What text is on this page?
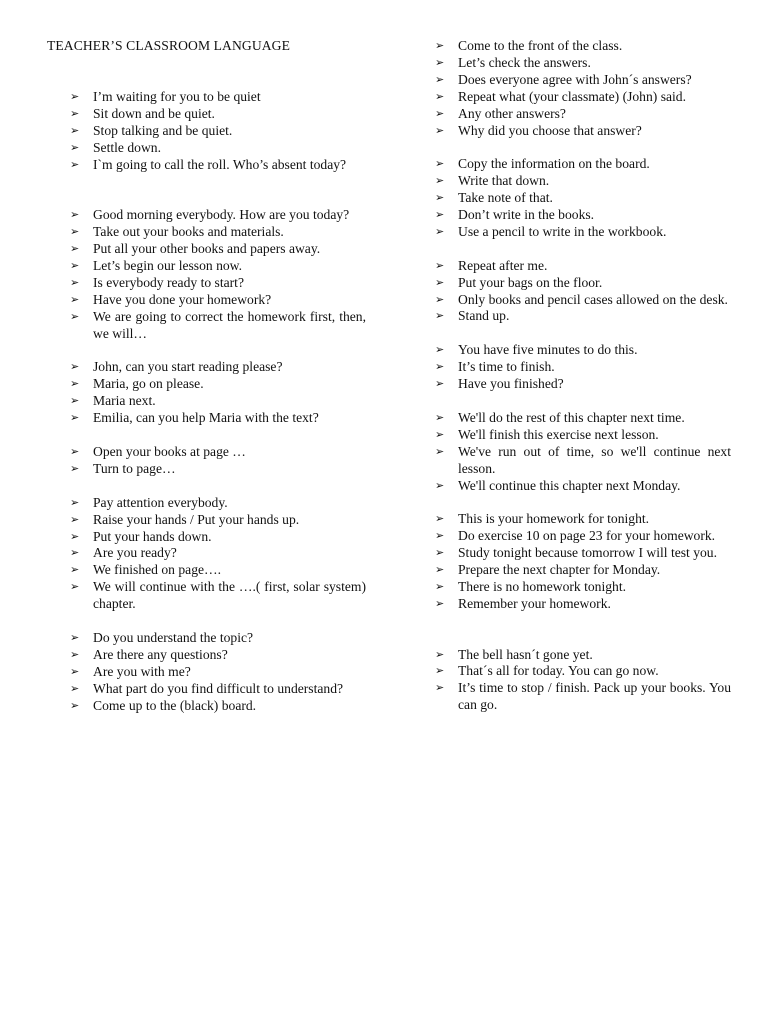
TEACHER’S CLASSROOM LANGUAGE
➢ I’m waiting for you to be quiet
➢ Sit down and be quiet.
➢ Stop talking and be quiet.
➢ Settle down.
➢ I`m going to call the roll. Who’s absent today?
➢ Good morning everybody. How are you today?
➢ Take out your books and materials.
➢ Put all your other books and papers away.
➢ Let’s begin our lesson now.
➢ Is everybody ready to start?
➢ Have you done your homework?
➢ We are going to correct the homework first, then, we will…
➢ John, can you start reading please?
➢ Maria, go on please.
➢ Maria next.
➢ Emilia, can you help Maria with the text?
➢ Open your books at page …
➢ Turn to page…
➢ Pay attention everybody.
➢ Raise your hands / Put your hands up.
➢ Put your hands down.
➢ Are you ready?
➢ We finished on page….
➢ We will continue with the ….( first, solar system) chapter.
➢ Do you understand the topic?
➢ Are there any questions?
➢ Are you with me?
➢ What part do you find difficult to understand?
➢ Come up to the (black) board.
➢ Come to the front of the class.
➢ Let’s check the answers.
➢ Does everyone agree with John´s answers?
➢ Repeat what (your classmate) (John) said.
➢ Any other answers?
➢ Why did you choose that answer?
➢ Copy the information on the board.
➢ Write that down.
➢ Take note of that.
➢ Don’t write in the books.
➢ Use a pencil to write in the workbook.
➢ Repeat after me.
➢ Put your bags on the floor.
➢ Only books and pencil cases allowed on the desk.
➢ Stand up.
➢ You have five minutes to do this.
➢ It’s time to finish.
➢ Have you finished?
➢ We'll do the rest of this chapter next time.
➢ We'll finish this exercise next lesson.
➢ We've run out of time, so we'll continue next lesson.
➢ We'll continue this chapter next Monday.
➢ This is your homework for tonight.
➢ Do exercise 10 on page 23 for your homework.
➢ Study tonight because tomorrow I will test you.
➢ Prepare the next chapter for Monday.
➢ There is no homework tonight.
➢ Remember your homework.
➢ The bell hasn´t gone yet.
➢ That´s all for today. You can go now.
➢ It’s time to stop / finish. Pack up your books. You can go.
